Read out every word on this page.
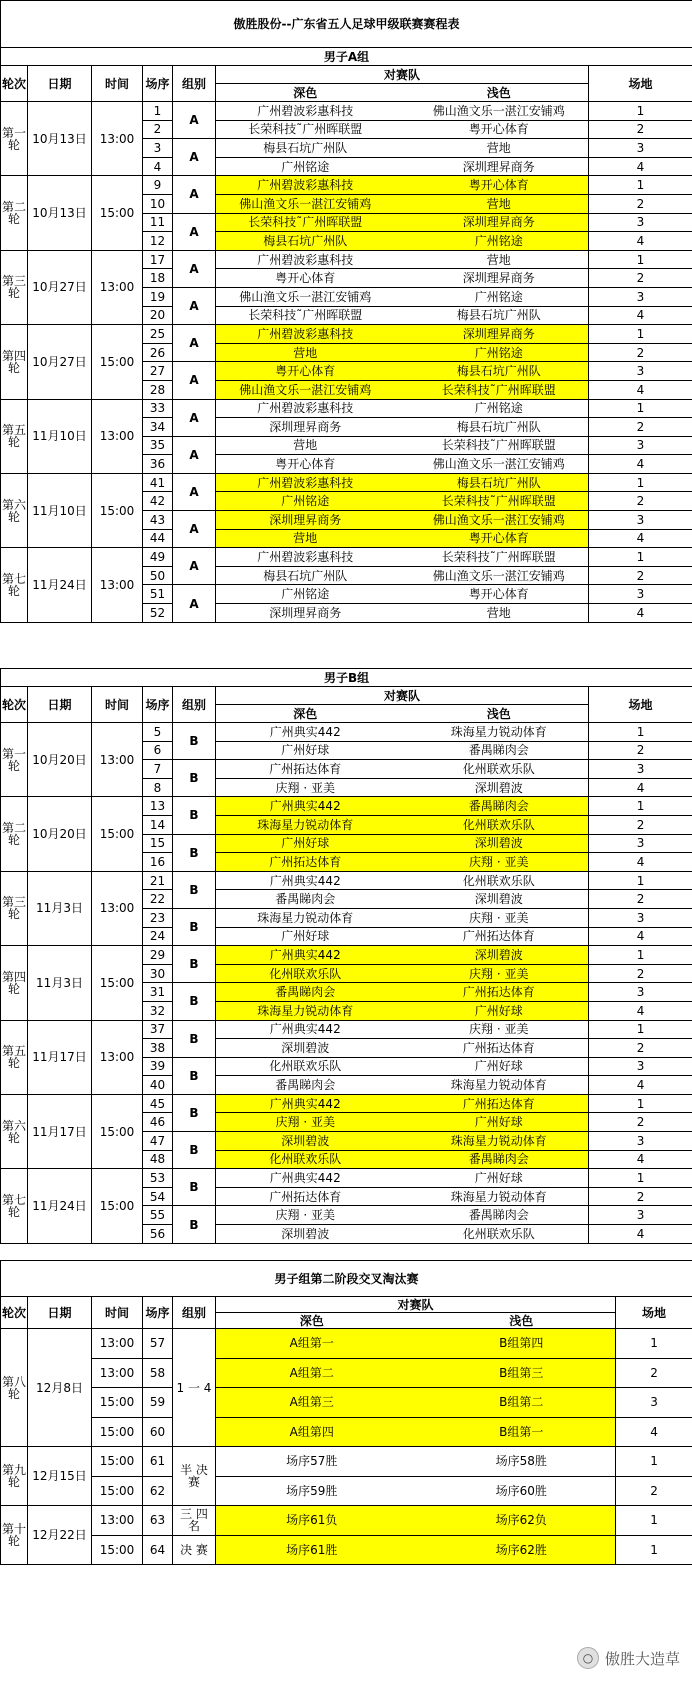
傲胜股份--广东省五人足球甲级联赛赛程表								
男子A组								
轮次	日期	时间	场序	组别	对赛队			场地
					深色		浅色	
第一轮	10月13日	13:00	1	A	广州碧波彩惠科技		佛山渔文乐一湛江安铺鸡	1
			2		长荣科技˜广州晖联盟		粤开心体育	2
			3	A	梅县石坑广州队		营地	3
			4		广州铭途		深圳理昇商务	4
第二轮	10月13日	15:00	9	A	广州碧波彩惠科技		粤开心体育	1
			10		佛山渔文乐一湛江安铺鸡		营地	2
			11	A	长荣科技˜广州晖联盟		深圳理昇商务	3
			12		梅县石坑广州队		广州铭途	4
第三轮	10月27日	13:00	17	A	广州碧波彩惠科技		营地	1
			18		粤开心体育		深圳理昇商务	2
			19	A	佛山渔文乐一湛江安铺鸡		广州铭途	3
			20		长荣科技˜广州晖联盟		梅县石坑广州队	4
第四轮	10月27日	15:00	25	A	广州碧波彩惠科技		深圳理昇商务	1
			26		营地		广州铭途	2
			27	A	粤开心体育		梅县石坑广州队	3
			28		佛山渔文乐一湛江安铺鸡		长荣科技˜广州晖联盟	4
第五轮	11月10日	13:00	33	A	广州碧波彩惠科技		广州铭途	1
			34		深圳理昇商务		梅县石坑广州队	2
			35	A	营地		长荣科技˜广州晖联盟	3
			36		粤开心体育		佛山渔文乐一湛江安铺鸡	4
第六轮	11月10日	15:00	41	A	广州碧波彩惠科技		梅县石坑广州队	1
			42		广州铭途		长荣科技˜广州晖联盟	2
			43	A	深圳理昇商务		佛山渔文乐一湛江安铺鸡	3
			44		营地		粤开心体育	4
第七轮	11月24日	13:00	49	A	广州碧波彩惠科技		长荣科技˜广州晖联盟	1
			50		梅县石坑广州队		佛山渔文乐一湛江安铺鸡	2
			51	A	广州铭途		粤开心体育	3
			52		深圳理昇商务		营地	4
男子B组								
轮次	日期	时间	场序	组别	对赛队			场地
					深色		浅色	
第一轮	10月20日	13:00	5	B	广州典实442		珠海星力锐动体育	1
			6		广州好球		番禺睇肉会	2
			7	B	广州拓达体育		化州联欢乐队	3
			8		庆翔 · 亚美		深圳碧波	4
第二轮	10月20日	15:00	13	B	广州典实442		番禺睇肉会	1
			14		珠海星力锐动体育		化州联欢乐队	2
			15	B	广州好球		深圳碧波	3
			16		广州拓达体育		庆翔 · 亚美	4
第三轮	11月3日	13:00	21	B	广州典实442		化州联欢乐队	1
			22		番禺睇肉会		深圳碧波	2
			23	B	珠海星力锐动体育		庆翔 · 亚美	3
			24		广州好球		广州拓达体育	4
第四轮	11月3日	15:00	29	B	广州典实442		深圳碧波	1
			30		化州联欢乐队		庆翔 · 亚美	2
			31	B	番禺睇肉会		广州拓达体育	3
			32		珠海星力锐动体育		广州好球	4
第五轮	11月17日	13:00	37	B	广州典实442		庆翔 · 亚美	1
			38		深圳碧波		广州拓达体育	2
			39	B	化州联欢乐队		广州好球	3
			40		番禺睇肉会		珠海星力锐动体育	4
第六轮	11月17日	15:00	45	B	广州典实442		广州拓达体育	1
			46		庆翔 · 亚美		广州好球	2
			47	B	深圳碧波		珠海星力锐动体育	3
			48		化州联欢乐队		番禺睇肉会	4
第七轮	11月24日	15:00	53	B	广州典实442		广州好球	1
			54		广州拓达体育		珠海星力锐动体育	2
			55	B	庆翔 · 亚美		番禺睇肉会	3
			56		深圳碧波		化州联欢乐队	4
男子组第二阶段交叉淘汰赛								
轮次	日期	时间	场序	组别	对赛队			场地
					深色		浅色	
第八轮	12月8日	13:00	57	1 一 4	A组第一		B组第四	1
		13:00	58		A组第二		B组第三	2
		15:00	59		A组第三		B组第二	3
		15:00	60		A组第四		B组第一	4
第九轮	12月15日	15:00	61	半 决 赛	场序57胜		场序58胜	1
		15:00	62		场序59胜		场序60胜	2
第十轮	12月22日	13:00	63	三 四 名	场序61负		场序62负	1
		15:00	64	决 赛	场序61胜		场序62胜	1
○ 傲胜大造草
